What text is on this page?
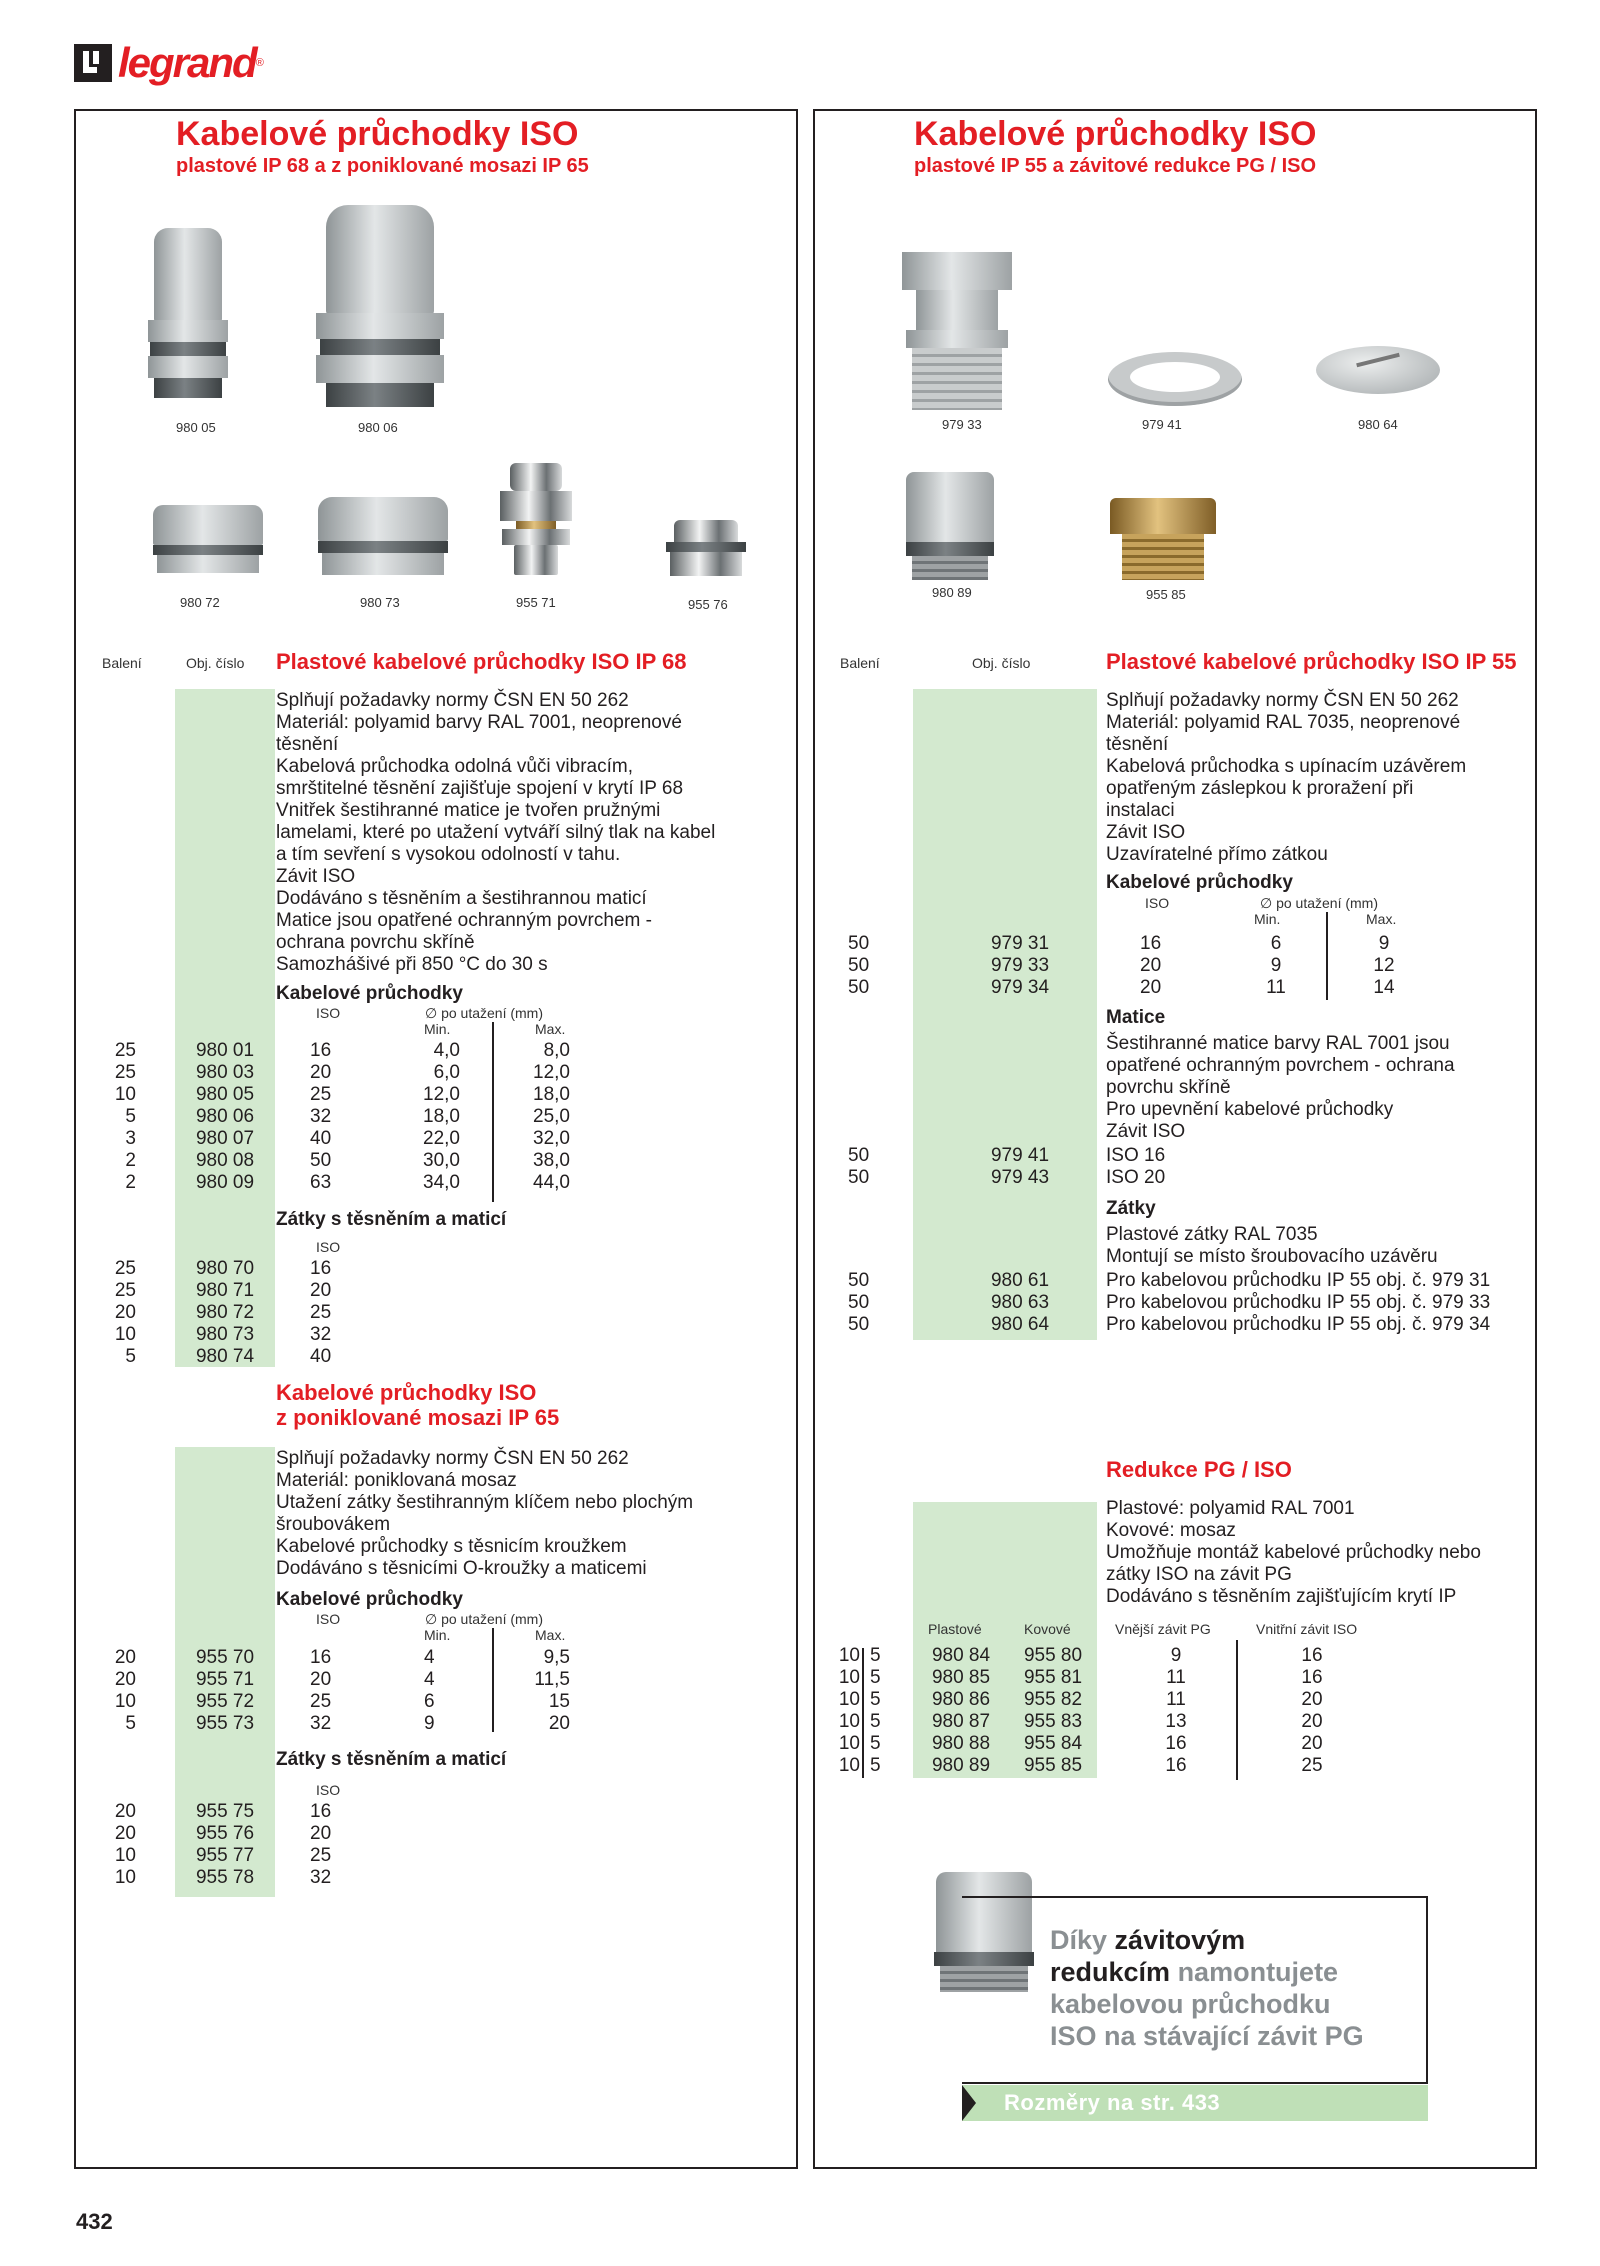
legrand ®
Kabelové průchodky ISO
plastové IP 68 a z poniklované mosazi IP 65
980 05	980 06
980 72	980 73	955 71	955 76
Balení	Obj. číslo Plastové kabelové průchodky ISO IP 68
Splňují požadavky normy ČSN EN 50 262
Materiál: polyamid barvy RAL 7001, neoprenové
těsnění
Kabelová průchodka odolná vůči vibracím,
smrštitelné těsnění zajišťuje spojení v krytí IP 68
Vnitřek šestihranné matice je tvořen pružnými
lamelami, které po utažení vytváří silný tlak na kabel
a tím sevření s vysokou odolností v tahu.
Závit ISO
Dodáváno s těsněním a šestihrannou maticí
Matice jsou opatřené ochranným povrchem -
ochrana povrchu skříně
Samozhášivé při 850 °C do 30 s
Kabelové průchodky
ISO	∅ po utažení (mm)
Min.	Max.
25	980 01	16	4,0	8,0
25	980 03	20	6,0	12,0
10	980 05	25	12,0	18,0
5	980 06	32	18,0	25,0
3	980 07	40	22,0	32,0
2	980 08	50	30,0	38,0
2	980 09	63	34,0	44,0
Zátky s těsněním a maticí
ISO
25	980 70	16
25	980 71	20
20	980 72	25
10	980 73	32
5	980 74	40
Kabelové průchodky ISO
z poniklované mosazi IP 65
Splňují požadavky normy ČSN EN 50 262
Materiál: poniklovaná mosaz
Utažení zátky šestihranným klíčem nebo plochým
šroubovákem
Kabelové průchodky s těsnicím kroužkem
Dodáváno s těsnicími O-kroužky a maticemi
Kabelové průchodky
ISO	∅ po utažení (mm)
Min.	Max.
20	955 70	16	4	9,5
20	955 71	20	4	11,5
10	955 72	25	6	15
5	955 73	32	9	20
Zátky s těsněním a maticí
ISO
20	955 75	16
20	955 76	20
10	955 77	25
10	955 78	32
Kabelové průchodky ISO
plastové IP 55 a závitové redukce PG / ISO
979 33	979 41	980 64
980 89	955 85
Balení	Obj. číslo	Plastové kabelové průchodky ISO IP 55
Splňují požadavky normy ČSN EN 50 262
Materiál: polyamid RAL 7035, neoprenové
těsnění
Kabelová průchodka s upínacím uzávěrem
opatřeným záslepkou k proražení při
instalaci
Závit ISO
Uzavíratelné přímo zátkou
Kabelové průchodky
ISO	∅ po utažení (mm)
Min.	Max.
50	979 31	16	6	9
50	979 33	20	9	12
50	979 34	20	11	14
Matice
Šestihranné matice barvy RAL 7001 jsou
opatřené ochranným povrchem - ochrana
povrchu skříně
Pro upevnění kabelové průchodky
Závit ISO
50	979 41	ISO 16
50	979 43	ISO 20
Zátky
Plastové zátky RAL 7035
Montují se místo šroubovacího uzávěru
50	980 61	Pro kabelovou průchodku IP 55 obj. č. 979 31
50	980 63	Pro kabelovou průchodku IP 55 obj. č. 979 33
50	980 64	Pro kabelovou průchodku IP 55 obj. č. 979 34
Redukce PG / ISO
Plastové: polyamid RAL 7001
Kovové: mosaz
Umožňuje montáž kabelové průchodky nebo
zátky ISO na závit PG
Dodáváno s těsněním zajišťujícím krytí IP
Plastové	Kovové	Vnější závit PG	Vnitřní závit ISO
10 5	980 84	955 80	9	16
10 5	980 85	955 81	11	16
10 5	980 86	955 82	11	20
10 5	980 87	955 83	13	20
10 5	980 88	955 84	16	20
10 5	980 89	955 85	16	25
Díky závitovým
redukcím namontujete
kabelovou průchodku
ISO na stávající závit PG
Rozměry na str. 433
432
